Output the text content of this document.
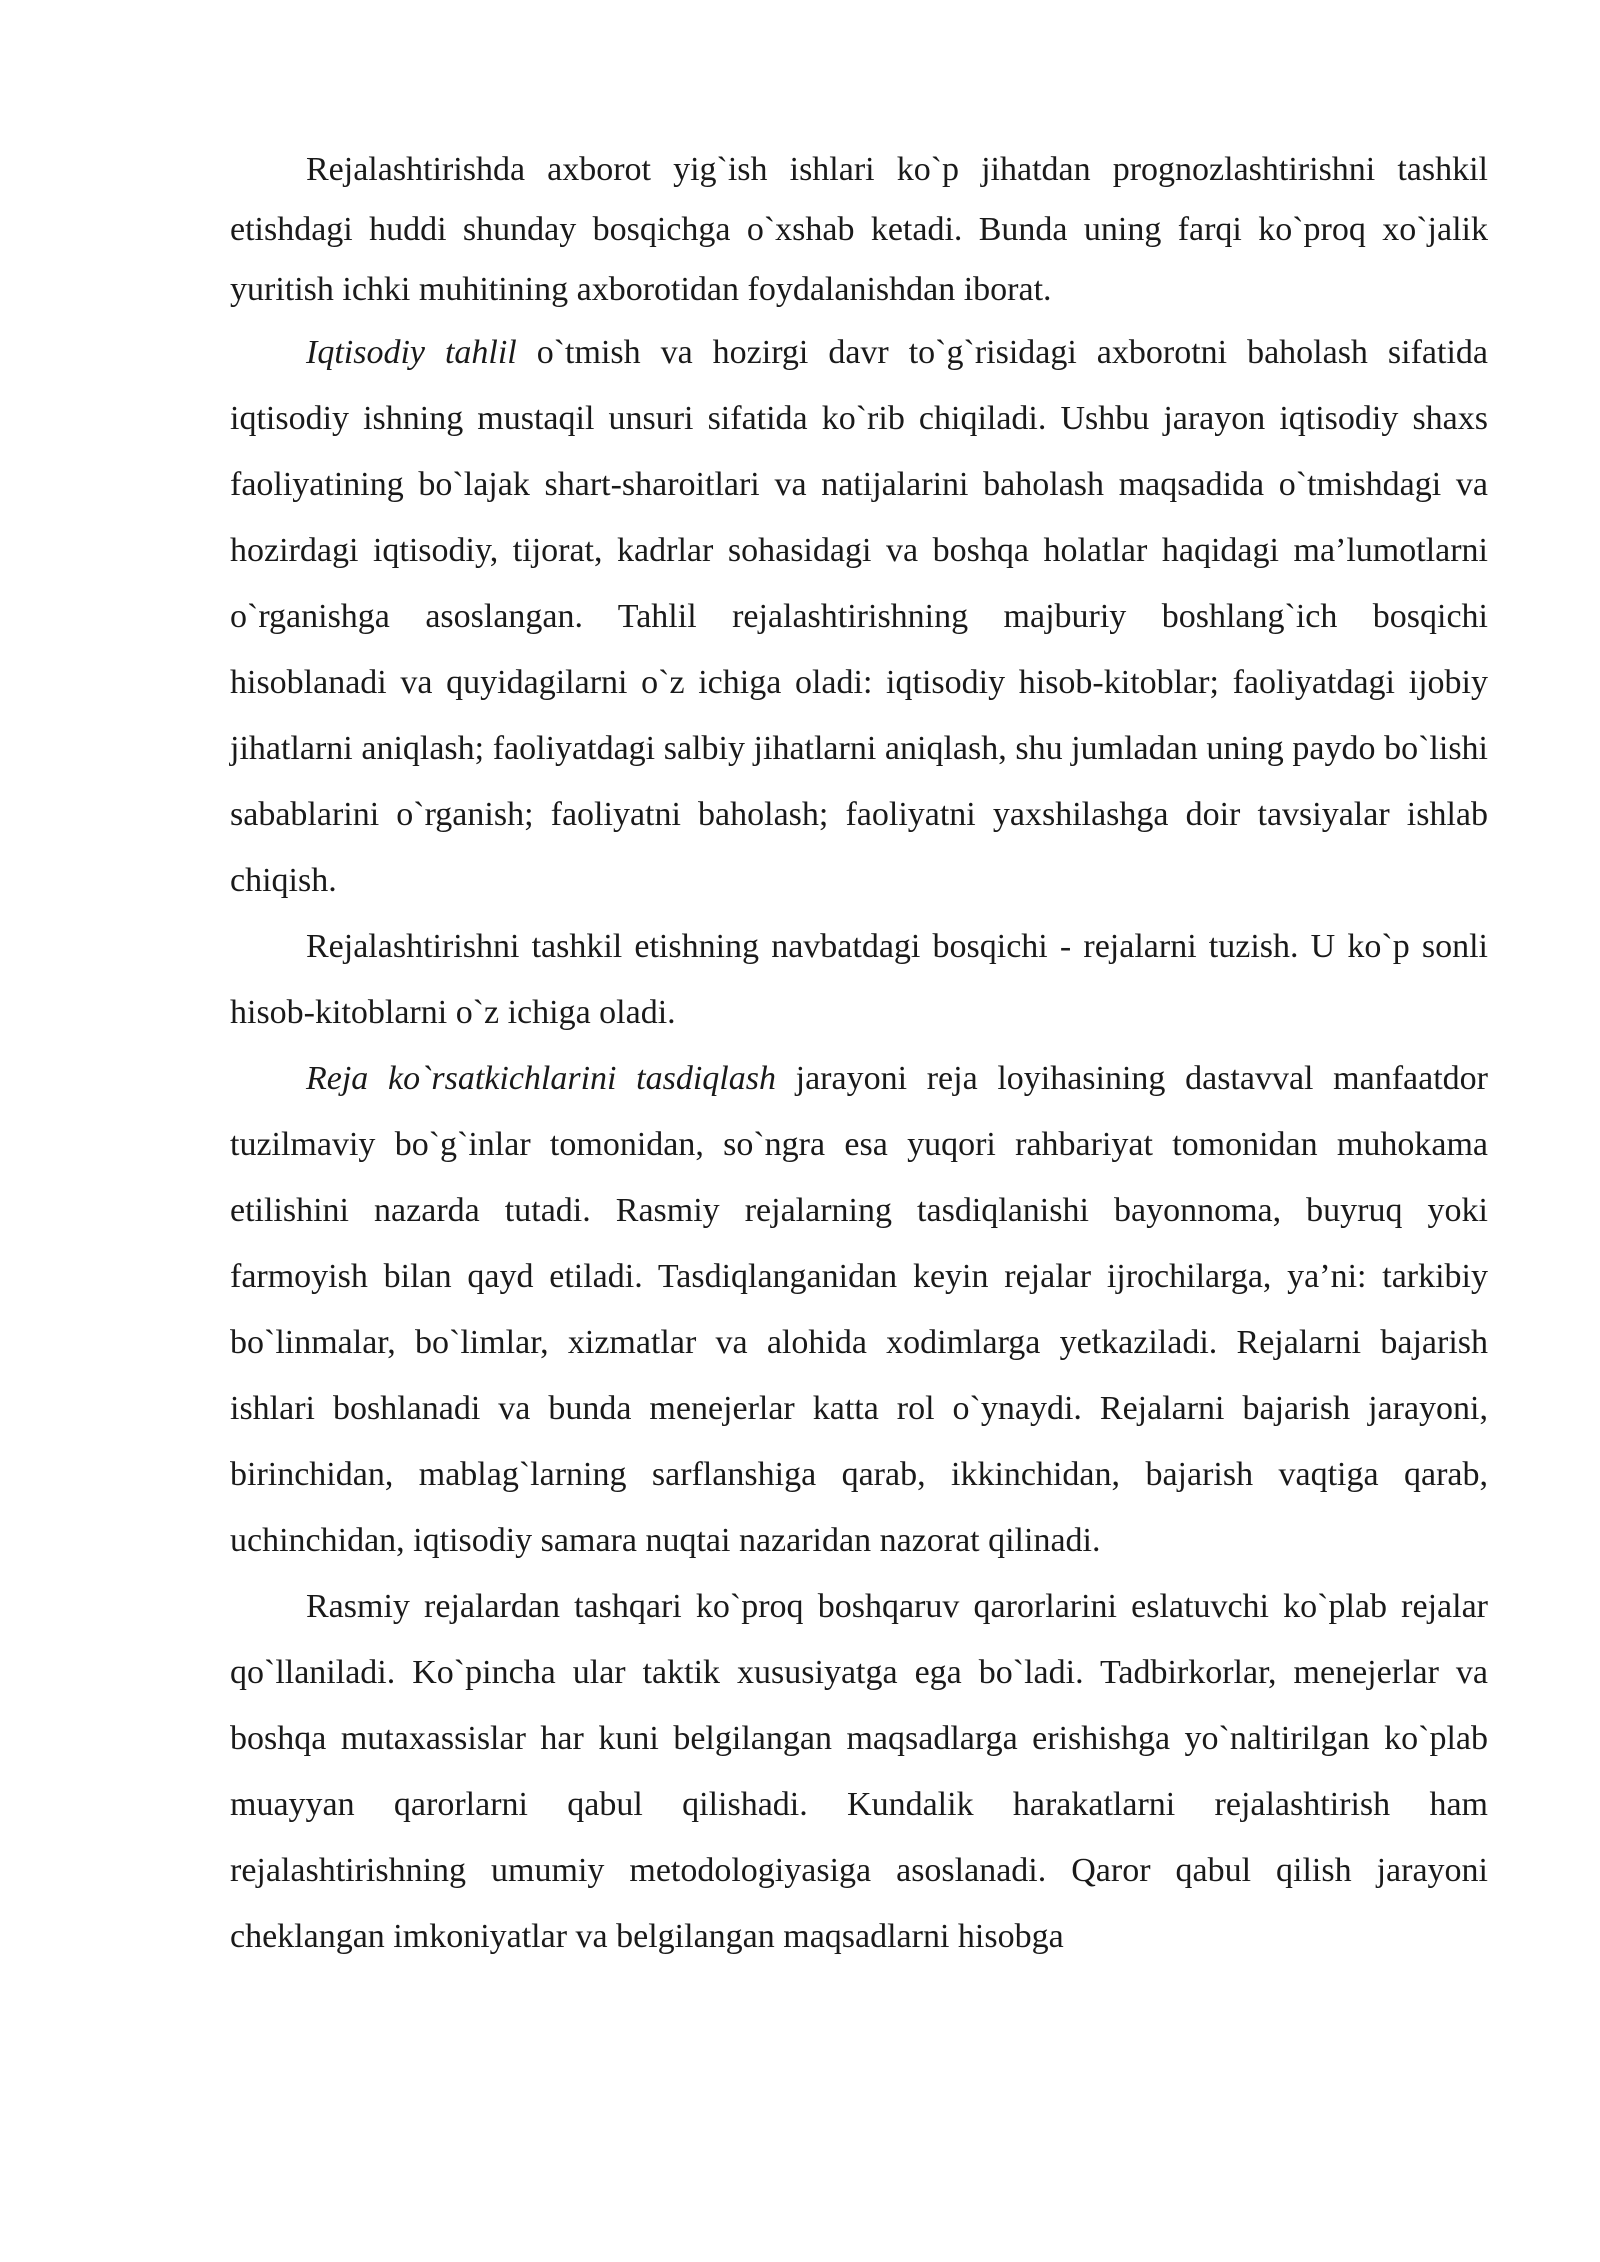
Rejalashtirishda axborot yig`ish ishlari ko`p jihatdan prognozlashtirishni tashkil etishdagi huddi shunday bosqichga o`xshab ketadi. Bunda uning farqi ko`proq xo`jalik yuritish ichki muhitining axborotidan foydalanishdan iborat.

Iqtisodiy tahlil o`tmish va hozirgi davr to`g`risidagi axborotni baholash sifatida iqtisodiy ishning mustaqil unsuri sifatida ko`rib chiqiladi. Ushbu jarayon iqtisodiy shaxs faoliyatining bo`lajak shart-sharoitlari va natijalarini baholash maqsadida o`tmishdagi va hozirdagi iqtisodiy, tijorat, kadrlar sohasidagi va boshqa holatlar haqidagi ma’lumotlarni o`rganishga asoslangan. Tahlil rejalashtirishning majburiy boshlang`ich bosqichi hisoblanadi va quyidagilarni o`z ichiga oladi: iqtisodiy hisob-kitoblar; faoliyatdagi ijobiy jihatlarni aniqlash; faoliyatdagi salbiy jihatlarni aniqlash, shu jumladan uning paydo bo`lishi sabablarini o`rganish; faoliyatni baholash; faoliyatni yaxshilashga doir tavsiyalar ishlab chiqish.

Rejalashtirishni tashkil etishning navbatdagi bosqichi - rejalarni tuzish. U ko`p sonli hisob-kitoblarni o`z ichiga oladi.

Reja ko`rsatkichlarini tasdiqlash jarayoni reja loyihasining dastavval manfaatdor tuzilmaviy bo`g`inlar tomonidan, so`ngra esa yuqori rahbariyat tomonidan muhokama etilishini nazarda tutadi. Rasmiy rejalarning tasdiqlanishi bayonnoma, buyruq yoki farmoyish bilan qayd etiladi. Tasdiqlanganidan keyin rejalar ijrochilarga, ya’ni: tarkibiy bo`linmalar, bo`limlar, xizmatlar va alohida xodimlarga yetkaziladi. Rejalarni bajarish ishlari boshlanadi va bunda menejerlar katta rol o`ynaydi. Rejalarni bajarish jarayoni, birinchidan, mablag`larning sarflanshiga qarab, ikkinchidan, bajarish vaqtiga qarab, uchinchidan, iqtisodiy samara nuqtai nazaridan nazorat qilinadi.

Rasmiy rejalardan tashqari ko`proq boshqaruv qarorlarini eslatuvchi ko`plab rejalar qo`llaniladi. Ko`pincha ular taktik xususiyatga ega bo`ladi. Tadbirkorlar, menejerlar va boshqa mutaxassislar har kuni belgilangan maqsadlarga erishishga yo`naltirilgan ko`plab muayyan qarorlarni qabul qilishadi. Kundalik harakatlarni rejalashtirish ham rejalashtirishning umumiy metodologiyasiga asoslanadi. Qaror qabul qilish jarayoni cheklangan imkoniyatlar va belgilangan maqsadlarni hisobga
